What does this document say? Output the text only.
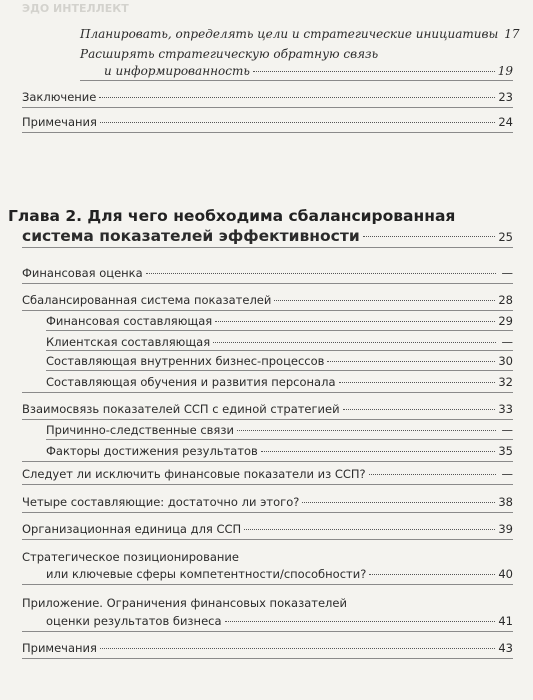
ЭДО ИНТЕЛЛЕКТ
Планировать, определять цели и стратегические инициативы 17
Расширять стратегическую обратную связь
и информированность	19
Заключение	23
Примечания	24
Глава 2. Для чего необходима сбалансированная
система показателей эффективности	25
Финансовая оценка	—
Сбалансированная система показателей	28
Финансовая составляющая	29
Клиентская составляющая	—
Составляющая внутренних бизнес-процессов	30
Составляющая обучения и развития персонала	32
Взаимосвязь показателей ССП с единой стратегией	33
Причинно-следственные связи	—
Факторы достижения результатов	35
Следует ли исключить финансовые показатели из ССП?	—
Четыре составляющие: достаточно ли этого?	38
Организационная единица для ССП	39
Стратегическое позиционирование
или ключевые сферы компетентности/способности?	40
Приложение. Ограничения финансовых показателей
оценки результатов бизнеса	41
Примечания	43
